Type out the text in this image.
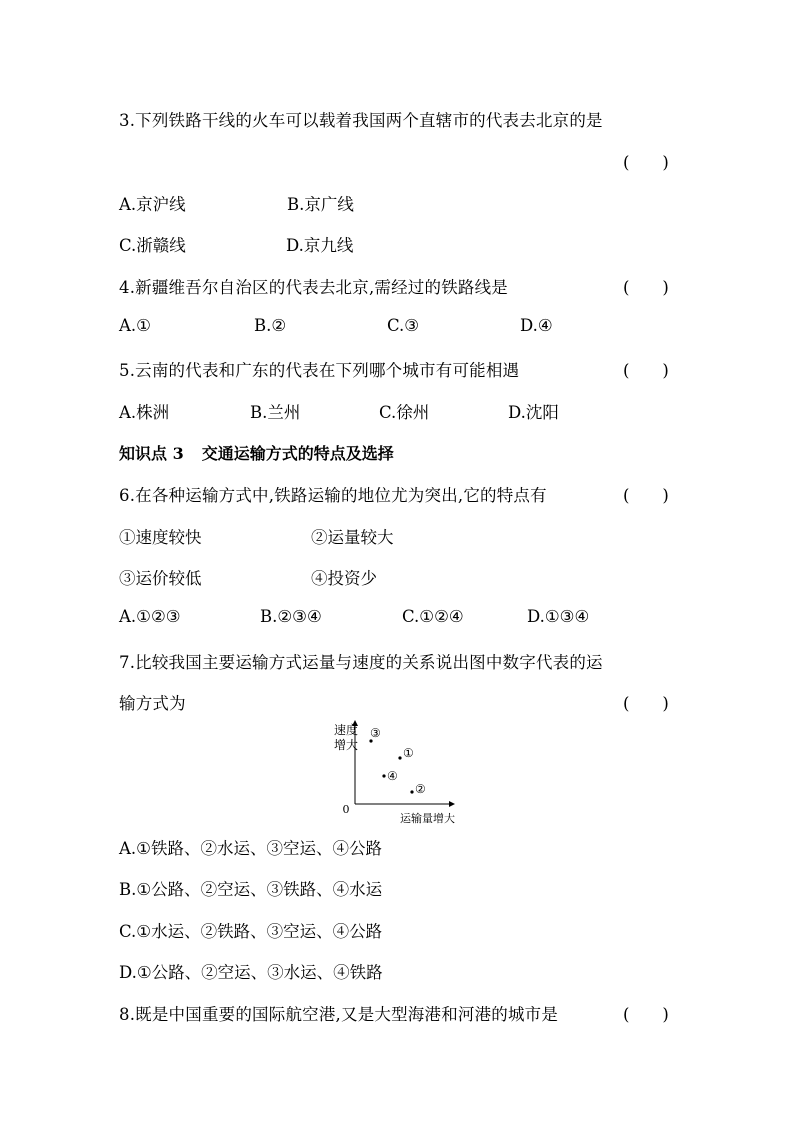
3.下列铁路干线的火车可以载着我国两个直辖市的代表去北京的是
(　　)
A.京沪线	B.京广线
C.浙赣线	D.京九线
4.新疆维吾尔自治区的代表去北京,需经过的铁路线是	(　　)
A.①	B.②	C.③	D.④
5.云南的代表和广东的代表在下列哪个城市有可能相遇	(　　)
A.株洲	B.兰州	C.徐州	D.沈阳
知识点 3 交通运输方式的特点及选择
6.在各种运输方式中,铁路运输的地位尤为突出,它的特点有	(　　)
①速度较快	②运量较大
③运价较低	④投资少
A.①②③	B.②③④	C.①②④	D.①③④
7.比较我国主要运输方式运量与速度的关系说出图中数字代表的运
输方式为	(　　)
0
速度
增大
运输量增大
③
①
④
②
A.①铁路、②水运、③空运、④公路
B.①公路、②空运、③铁路、④水运
C.①水运、②铁路、③空运、④公路
D.①公路、②空运、③水运、④铁路
8.既是中国重要的国际航空港,又是大型海港和河港的城市是	(　　)
